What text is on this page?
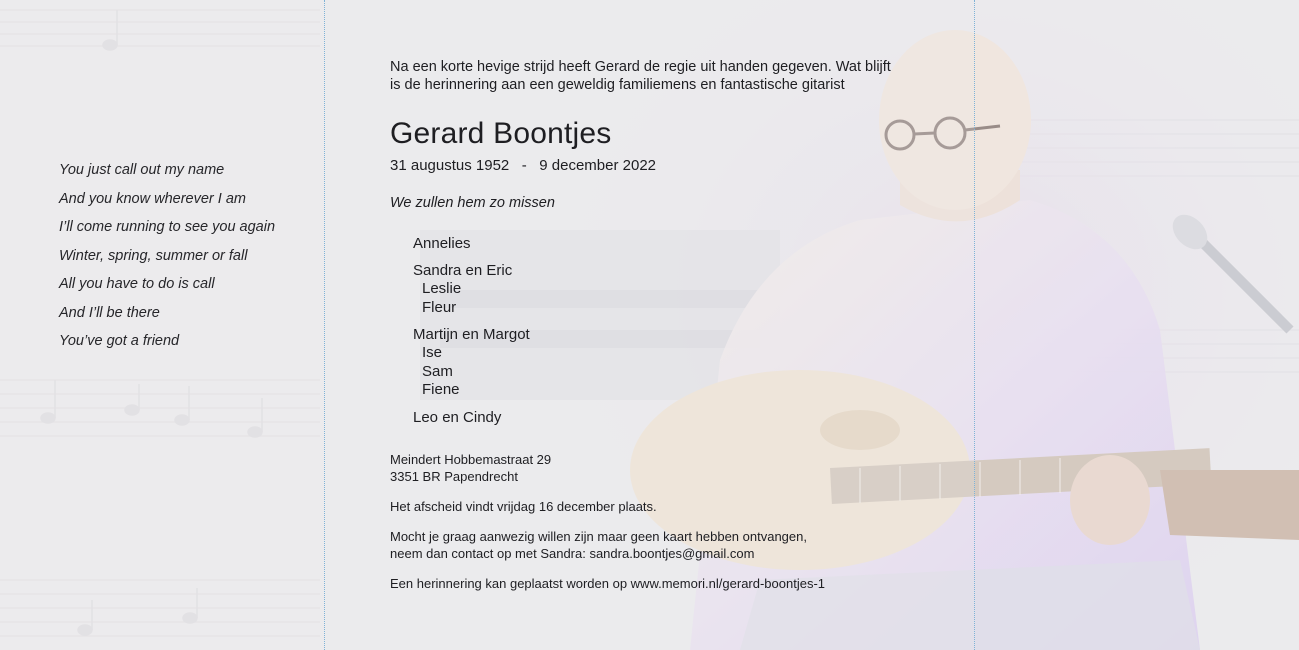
You just call out my name
And you know wherever I am
I’ll come running to see you again
Winter, spring, summer or fall
All you have to do is call
And I’ll be there
You’ve got a friend

Na een korte hevige strijd heeft Gerard de regie uit handen gegeven. Wat blijft
is de herinnering aan een geweldig familiemens en fantastische gitarist

Gerard Boontjes

31 augustus 1952   -   9 december 2022

We zullen hem zo missen

Annelies
Sandra en Eric
Leslie
Fleur
Martijn en Margot
Ise
Sam
Fiene
Leo en Cindy

Meindert Hobbemastraat 29
3351 BR Papendrecht

Het afscheid vindt vrijdag 16 december plaats.

Mocht je graag aanwezig willen zijn maar geen kaart hebben ontvangen,
neem dan contact op met Sandra: sandra.boontjes@gmail.com

Een herinnering kan geplaatst worden op www.memori.nl/gerard-boontjes-1
